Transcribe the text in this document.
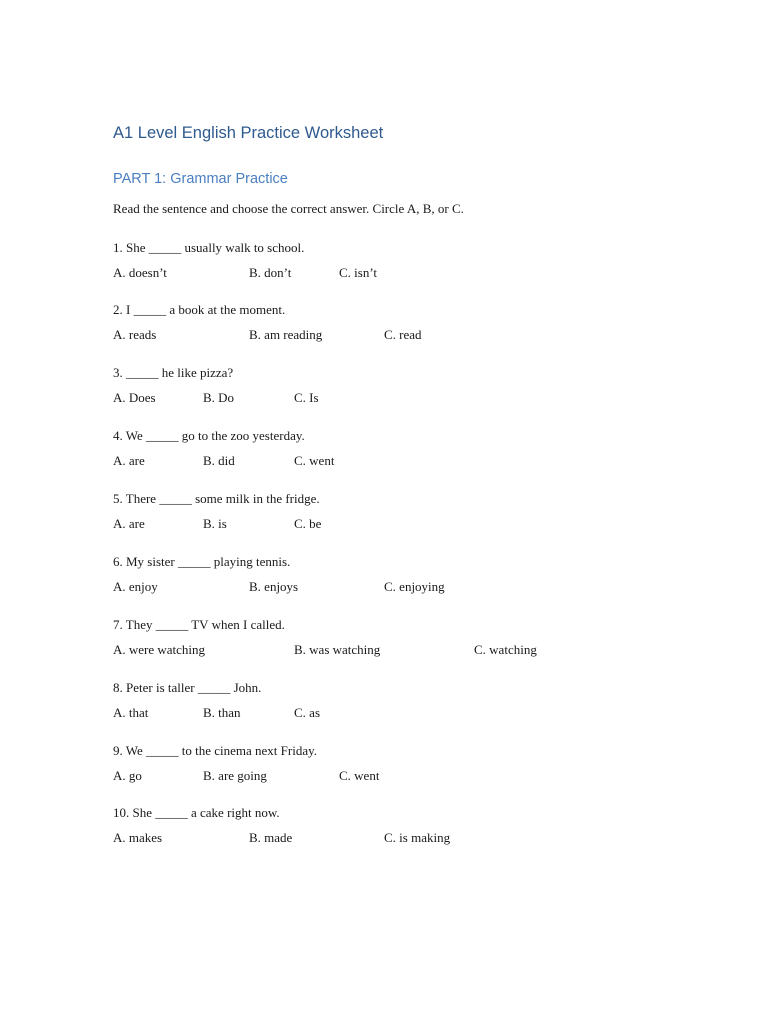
A1 Level English Practice Worksheet
PART 1: Grammar Practice

Read the sentence and choose the correct answer. Circle A, B, or C.

1. She _____ usually walk to school.
A. doesn’t	B. don’t	C. isn’t
2. I _____ a book at the moment.
A. reads	B. am reading	C. read
3. _____ he like pizza?
A. Does	B. Do	C. Is
4. We _____ go to the zoo yesterday.
A. are	B. did	C. went
5. There _____ some milk in the fridge.
A. are	B. is	C. be
6. My sister _____ playing tennis.
A. enjoy	B. enjoys	C. enjoying
7. They _____ TV when I called.
A. were watching	B. was watching	C. watching
8. Peter is taller _____ John.
A. that	B. than	C. as
9. We _____ to the cinema next Friday.
A. go	B. are going	C. went
10. She _____ a cake right now.
A. makes	B. made	C. is making
